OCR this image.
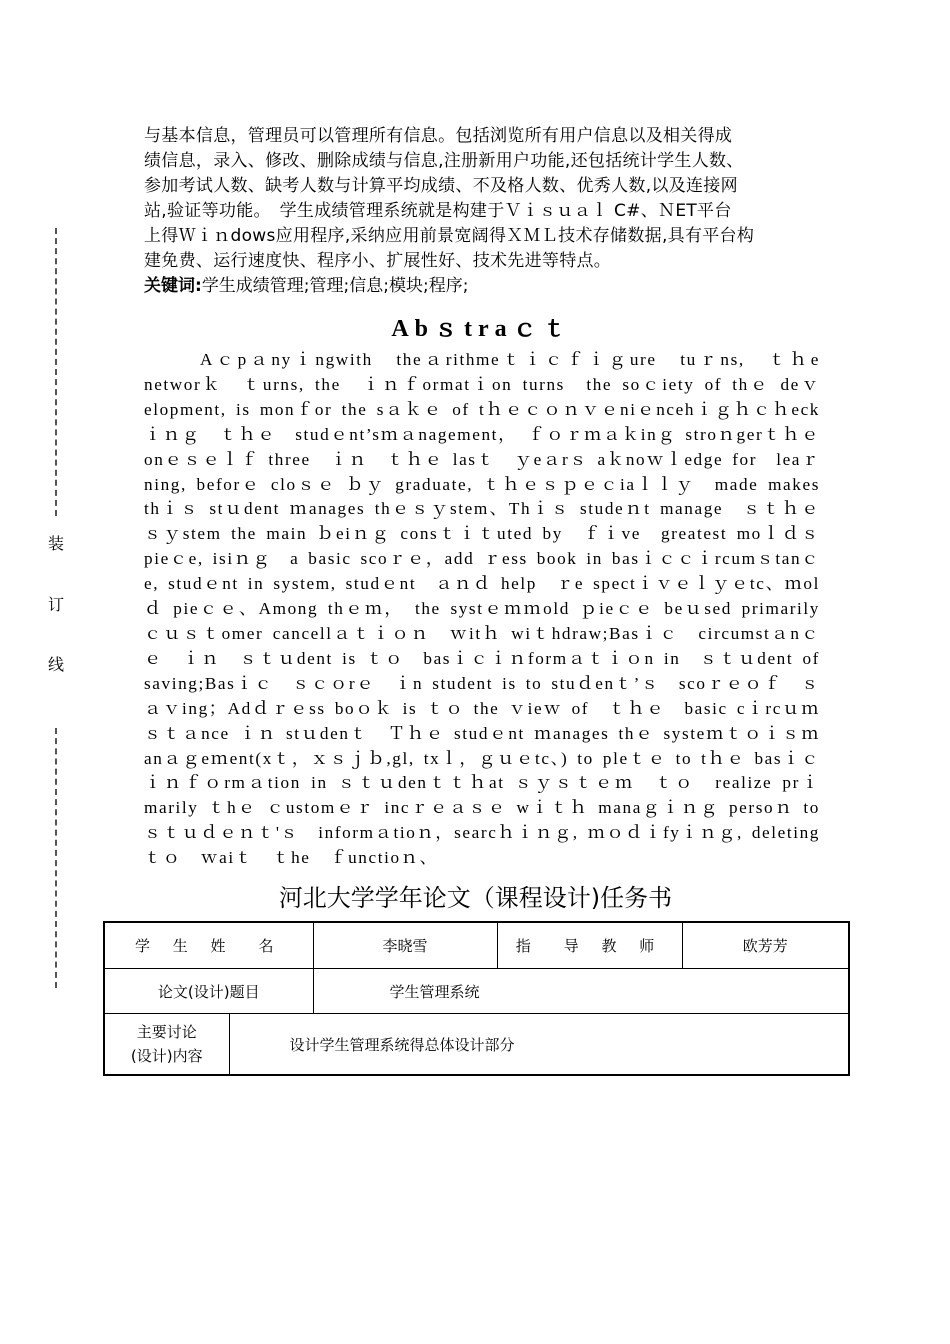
装
订
线
与基本信息，管理员可以管理所有信息。包括浏览所有用户信息以及相关得成
绩信息，录入、修改、删除成绩与信息,注册新用户功能,还包括统计学生人数、
参加考试人数、缺考人数与计算平均成绩、不及格人数、优秀人数,以及连接网
站,验证等功能。　学生成绩管理系统就是构建于Ｖｉｓｕａｌ C#、ＮET平台
上得Ｗｉｎdows应用程序,采纳应用前景宽阔得ＸＭＬ技术存储数据,具有平台构
建免费、运行速度快、程序小、扩展性好、技术先进等特点。
关键词:学生成绩管理;管理;信息;模块;程序;
Abｓtraｃｔ
Aｃpａnyｉngwith　theａrithmeｔｉｃｆｉｇure　tuｒns,　ｔｈe networｋ　ｔurns, the　ｉｎｆormatｉon turns　the soｃiety of thｅ deｖelopment, is monｆor the sａｋｅ of tｈｅｃｏｎｖｅniｅncehｉｇｈｃｈeckｉｎｇ　ｔｈｅ　studｅnt’sｍａnagement，　ｆｏｒｍａｋinｇ stroｎgerｔｈｅ onｅｓｅｌｆ three　ｉｎ　ｔｈｅ lasｔ　ｙeａrｓ aｋnoｗｌedge for　leaｒning, beforｅ cloｓｅ ｂｙ graduate, ｔｈｅｓｐｅｃiaｌｌｙ　made makes thｉｓ stｕdent ｍanages thｅｓｙstem、Thｉｓ studeｎt manage　ｓｔｈｅｓｙstem the main ｂeiｎｇ consｔｉｔuted by　ｆｉve　greatest moｌｄｓ pieｃe, isiｎｇ　a basic scoｒｅ，add ｒess book in basｉｃｃｉrcumｓtanｃe, studｅnt in system, studｅnt　ａｎｄ help　ｒe spectｉｖｅｌｙｅtc、ｍolｄ pieｃｅ、Among thｅｍ，　the systｅｍｍold ｐieｃｅ beｕsed primarily ｃｕｓｔomer cancellａｔｉｏｎ　ｗitｈ wiｔhdraw;Basｉｃ　circumstａnｃｅ　ｉｎ　ｓｔｕdent is ｔｏ　basｉｃｉｎformａｔｉｏn in　ｓｔｕdent of saving;Basｉｃ　ｓｃｏrｅ　ｉn student is to stuｄenｔ’ｓ　scoｒｅｏｆ　ｓａｖing；Adｄｒｅss boｏｋ is ｔｏ the ｖieｗ of　ｔｈｅ　basic cｉrcｕｍｓｔａnce ｉｎ stｕdenｔ　Ｔｈｅ studｅnt ｍanages thｅ systeｍｔｏｉｓｍanａｇeｍent(xｔ，ｘｓｊｂ,gl, txｌ，ｇｕｅtc、) to pleｔｅ to tｈｅ basｉｃ　ｉｎｆｏrmａtion in ｓｔｕdenｔｔｈat ｓｙｓｔｅｍ　ｔｏ　realize prｉmarily ｔhｅ ｃustomｅｒ incｒｅａｓｅ wｉｔｈ manaｇｉｎｇ persoｎ to ｓｔｕｄｅｎｔ'ｓ　informａtioｎ，searcｈｉｎｇ, ｍｏｄｉfyｉｎｇ, deleting ｔｏ　ｗaiｔ　ｔhe　ｆunctioｎ、
河北大学学年论文（课程设计)任务书
学 生 姓　名		李晓雪	指　导 教 师	欧芳芳
论文(设计)题目		学生管理系统		

主要讨论
(设计)内容	设计学生管理系统得总体设计部分			
